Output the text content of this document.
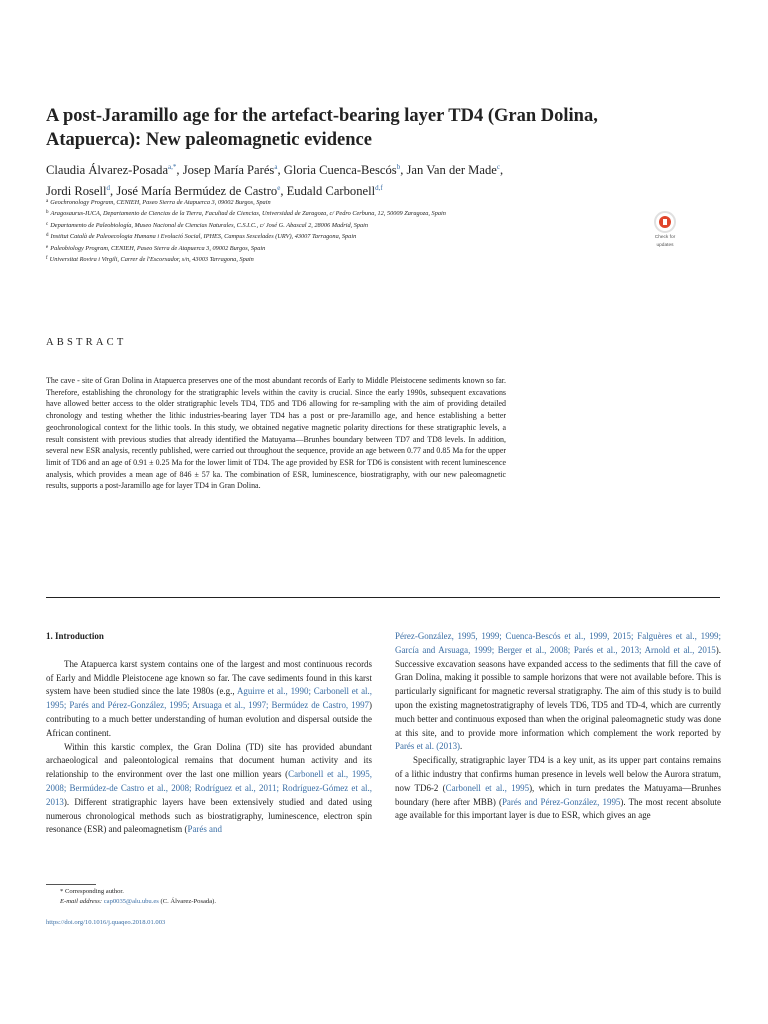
A post-Jaramillo age for the artefact-bearing layer TD4 (Gran Dolina, Atapuerca): New paleomagnetic evidence
Claudia Álvarez-Posada$^{a,*}$, Josep María Parés$^a$, Gloria Cuenca-Bescós$^b$, Jan Van der Made$^c$,
Jordi Rosell$^d$, José María Bermúdez de Castro$^e$, Eudald Carbonell$^{d,f}$
$^a$ Geochronology Program, CENIEH, Paseo Sierra de Atapuerca 3, 09002 Burgos, Spain
$^b$ Aragosaurus-IUCA, Departamento de Ciencias de la Tierra, Facultad de Ciencias, Universidad de Zaragoza, c/ Pedro Cerbuna, 12, 50009 Zaragoza, Spain
$^c$ Departamento de Paleobiología, Museo Nacional de Ciencias Naturales, C.S.I.C., c/ José G. Abascal 2, 28006 Madrid, Spain
$^d$ Institut Català de Paleoecologia Humana i Evolució Social, IPHES, Campus Sescelades (URV), 43007 Tarragona, Spain
$^e$ Paleobiology Program, CENIEH, Paseo Sierra de Atapuerca 3, 09002 Burgos, Spain
$^f$ Universitat Rovira i Virgili, Carrer de l'Escorxador, s/n, 43003 Tarragona, Spain
Check for
updates
ABSTRACT

The cave - site of Gran Dolina in Atapuerca preserves one of the most abundant records of Early to Middle Pleistocene sediments known so far. Therefore, establishing the chronology for the stratigraphic levels within the cavity is crucial. Since the early 1990s, subsequent excavations have allowed better access to the older stratigraphic levels TD4, TD5 and TD6 allowing for re-sampling with the aim of providing detailed chronology and testing whether the lithic industries-bearing layer TD4 has a post or pre-Jaramillo age, and hence establishing a better geochronological context for the lithic tools. In this study, we obtained negative magnetic polarity directions for these stratigraphic levels, a result consistent with previous studies that already identified the Matuyama—Brunhes boundary between TD7 and TD8 levels. In addition, several new ESR analysis, recently published, were carried out throughout the sequence, provide an age between 0.77 and 0.85 Ma for the upper limit of TD6 and an age of 0.91 ± 0.25 Ma for the lower limit of TD4. The age provided by ESR for TD6 is consistent with recent luminescence analysis, which provides a mean age of 846 ± 57 ka. The combination of ESR, luminescence, biostratigraphy, with our new paleomagnetic results, supports a post-Jaramillo age for layer TD4 in Gran Dolina.

1. Introduction

The Atapuerca karst system contains one of the largest and most continuous records of Early and Middle Pleistocene age known so far. The cave sediments found in this karst system have been studied since the late 1980s (e.g., Aguirre et al., 1990; Carbonell et al., 1995; Parés and Pérez-González, 1995; Arsuaga et al., 1997; Bermúdez de Castro, 1997) contributing to a much better understanding of human evolution and dispersal outside the African continent.

Within this karstic complex, the Gran Dolina (TD) site has provided abundant archaeological and paleontological remains that document human activity and its relationship to the environment over the last one million years (Carbonell et al., 1995, 2008; Bermúdez-de Castro et al., 2008; Rodríguez et al., 2011; Rodríguez-Gómez et al., 2013). Different stratigraphic layers have been extensively studied and dated using numerous chronological methods such as biostratigraphy, luminescence, electron spin resonance (ESR) and paleomagnetism (Parés and

Pérez-González, 1995, 1999; Cuenca-Bescós et al., 1999, 2015; Falguères et al., 1999; García and Arsuaga, 1999; Berger et al., 2008; Parés et al., 2013; Arnold et al., 2015). Successive excavation seasons have expanded access to the sediments that fill the cave of Gran Dolina, making it possible to sample horizons that were not available before. This is particularly significant for magnetic reversal stratigraphy. The aim of this study is to build upon the existing magnetostratigraphy of levels TD6, TD5 and TD-4, which are currently much better and continuous exposed than when the original paleomagnetic study was done at this site, and to provide more information which complement the work reported by Parés et al. (2013).

Specifically, stratigraphic layer TD4 is a key unit, as its upper part contains remains of a lithic industry that confirms human presence in levels well below the Aurora stratum, now TD6-2 (Carbonell et al., 1995), which in turn predates the Matuyama—Brunhes boundary (here after MBB) (Parés and Pérez-González, 1995). The most recent absolute age available for this important layer is due to ESR, which gives an age

* Corresponding author.
E-mail address: cap0035@alu.ubu.es (C. Álvarez-Posada).
https://doi.org/10.1016/j.quaqeo.2018.01.003
